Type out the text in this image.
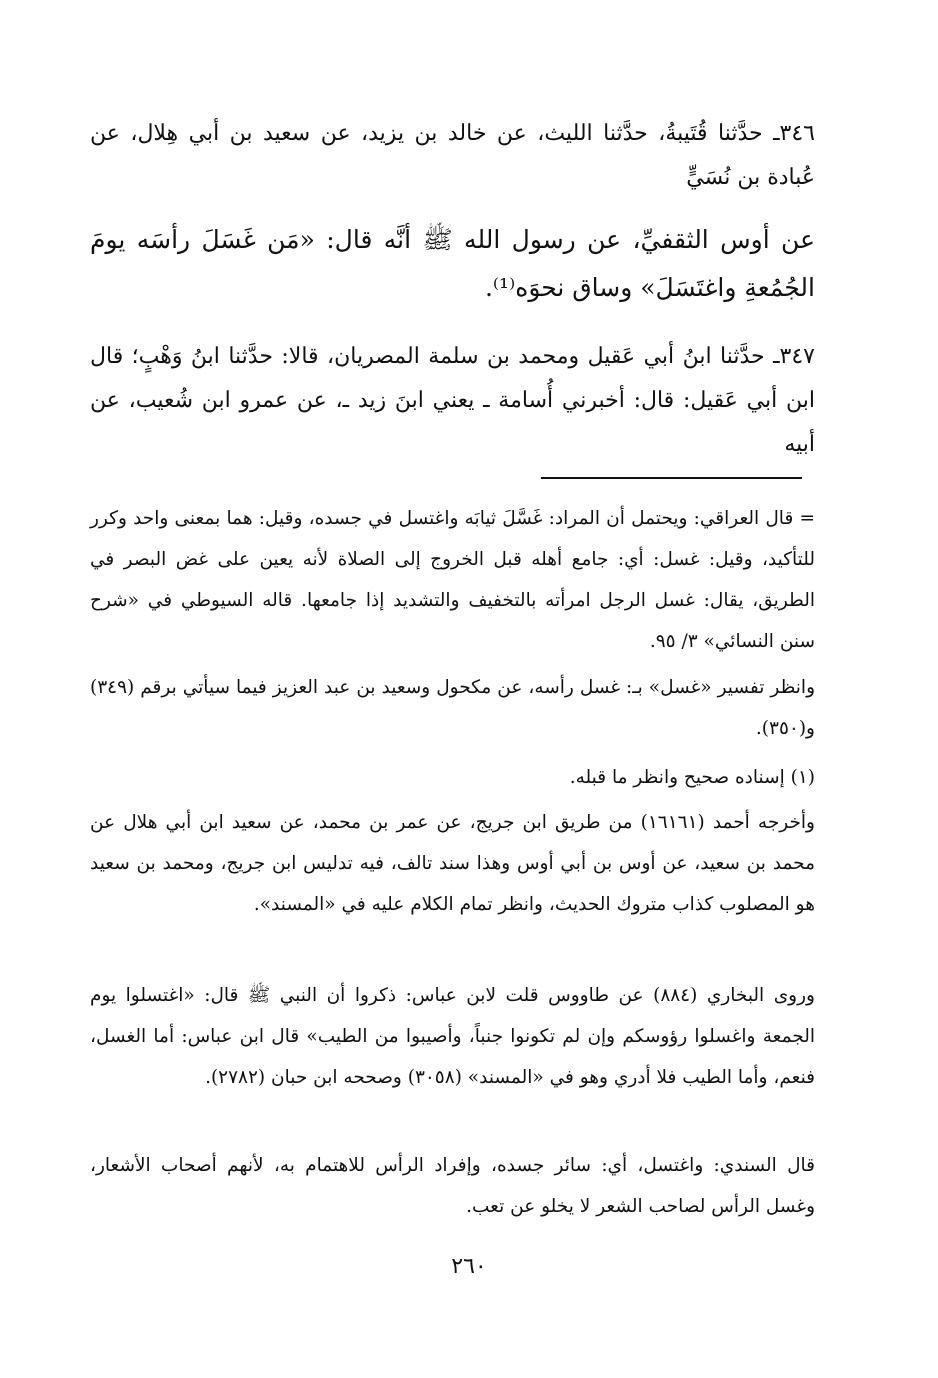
٣٤٦ـ حدَّثنا قُتَيبةُ، حدَّثنا الليث، عن خالد بن يزيد، عن سعيد بن أبي هِلال، عن عُبادة بن نُسَيٍّ
عن أوس الثقفيِّ، عن رسول الله ﷺ أنَّه قال: «مَن غَسَلَ رأسَه يومَ الجُمُعةِ واغتَسَلَ» وساق نحوَه⁽¹⁾.
٣٤٧ـ حدَّثنا ابنُ أبي عَقيل ومحمد بن سلمة المصريان، قالا: حدَّثنا ابنُ وَهْبٍ؛ قال ابن أبي عَقيل: قال: أخبرني أُسامة ـ يعني ابنَ زيد ـ، عن عمرو ابن شُعيب، عن أبيه
= قال العراقي: ويحتمل أن المراد: غَسَّلَ ثيابَه واغتسل في جسده، وقيل: هما بمعنى واحد وكرر للتأكيد، وقيل: غسل: أي: جامع أهله قبل الخروج إلى الصلاة لأنه يعين على غض البصر في الطريق، يقال: غسل الرجل امرأته بالتخفيف والتشديد إذا جامعها. قاله السيوطي في «شرح سنن النسائي» ٣/ ٩٥.
وانظر تفسير «غسل» بـ: غسل رأسه، عن مكحول وسعيد بن عبد العزيز فيما سيأتي برقم (٣٤٩) و(٣٥٠).
(١) إسناده صحيح وانظر ما قبله.
وأخرجه أحمد (١٦١٦١) من طريق ابن جريج، عن عمر بن محمد، عن سعيد ابن أبي هلال عن محمد بن سعيد، عن أوس بن أبي أوس وهذا سند تالف، فيه تدليس ابن جريج، ومحمد بن سعيد هو المصلوب كذاب متروك الحديث، وانظر تمام الكلام عليه في «المسند».
وروى البخاري (٨٨٤) عن طاووس قلت لابن عباس: ذكروا أن النبي ﷺ قال: «اغتسلوا يوم الجمعة واغسلوا رؤوسكم وإن لم تكونوا جنباً، وأصيبوا من الطيب» قال ابن عباس: أما الغسل، فنعم، وأما الطيب فلا أدري وهو في «المسند» (٣٠٥٨) وصححه ابن حبان (٢٧٨٢).
قال السندي: واغتسل، أي: سائر جسده، وإفراد الرأس للاهتمام به، لأنهم أصحاب الأشعار، وغسل الرأس لصاحب الشعر لا يخلو عن تعب.
٢٦٠
